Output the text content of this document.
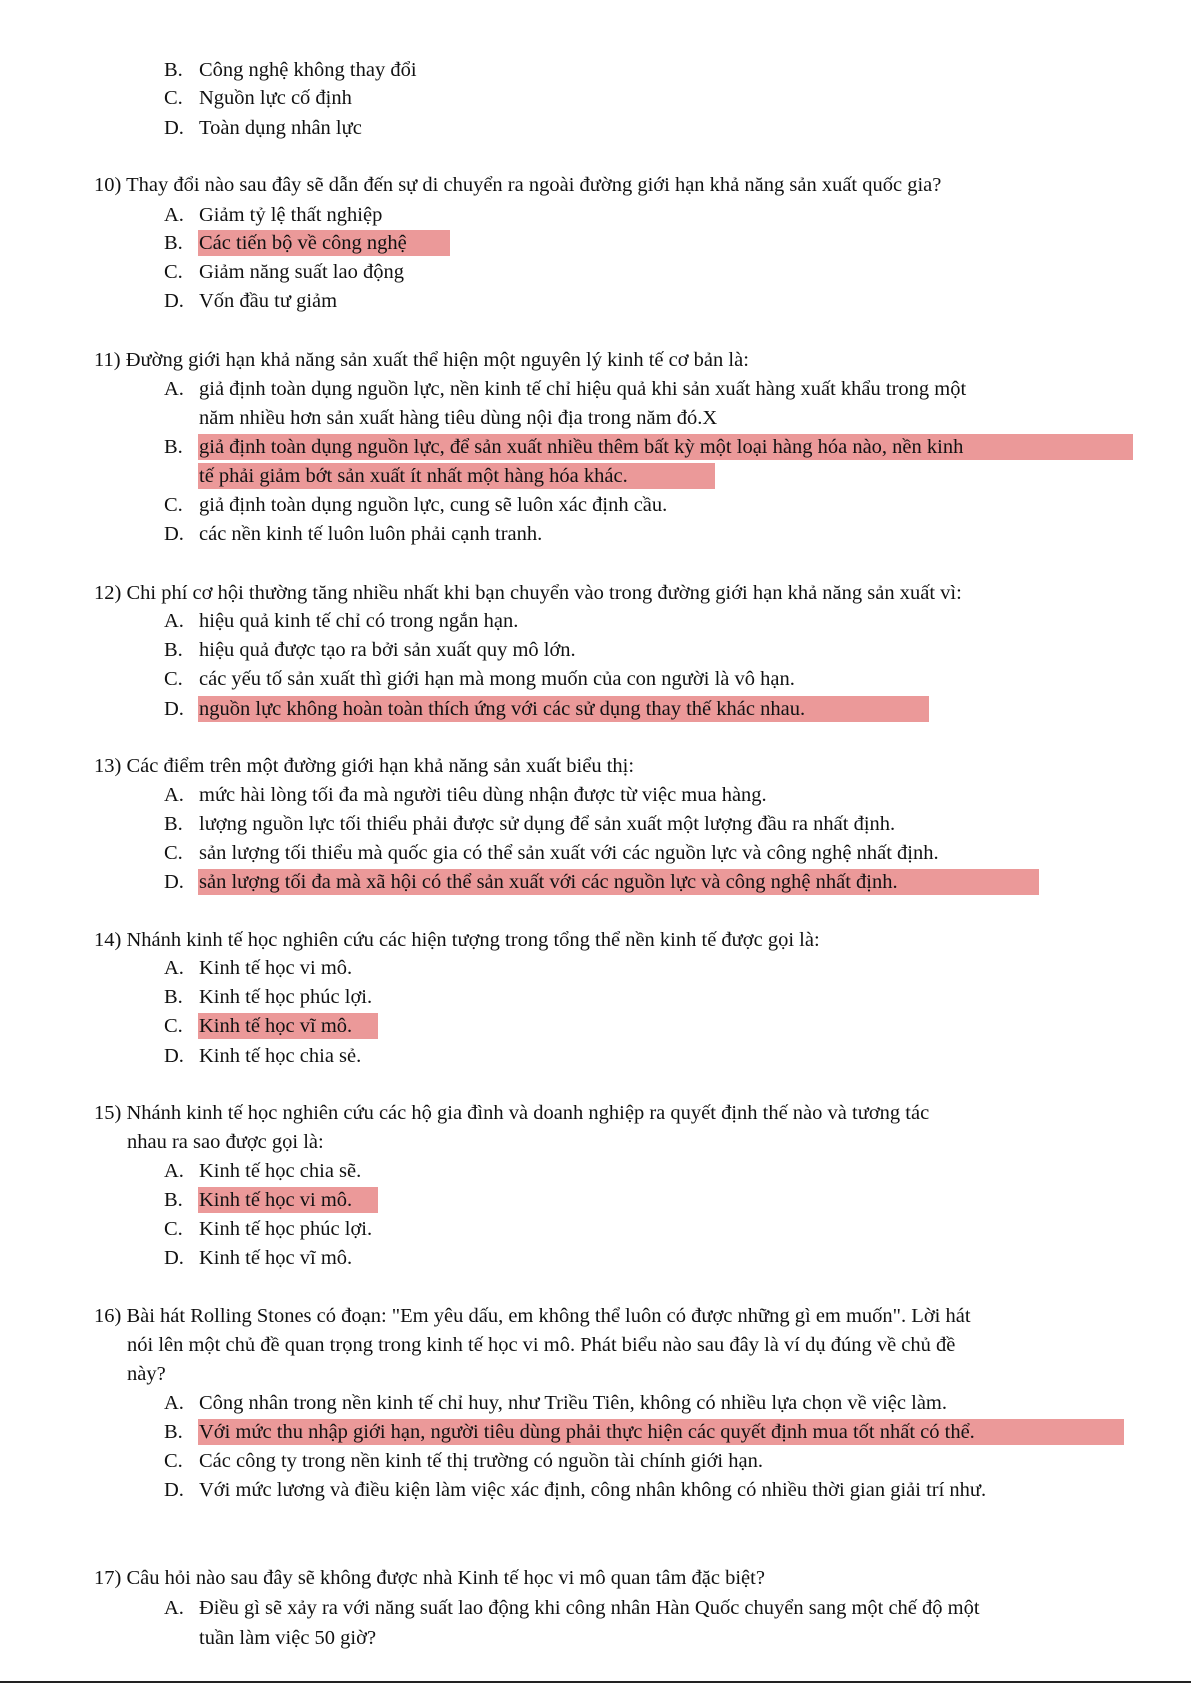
B. Công nghệ không thay đổi
C. Nguồn lực cố định
D. Toàn dụng nhân lực
10) Thay đổi nào sau đây sẽ dẫn đến sự di chuyển ra ngoài đường giới hạn khả năng sản xuất quốc gia?
A. Giảm tỷ lệ thất nghiệp
B. Các tiến bộ về công nghệ
C. Giảm năng suất lao động
D. Vốn đầu tư giảm
11) Đường giới hạn khả năng sản xuất thể hiện một nguyên lý kinh tế cơ bản là:
A. giả định toàn dụng nguồn lực, nền kinh tế chỉ hiệu quả khi sản xuất hàng xuất khẩu trong một
năm nhiều hơn sản xuất hàng tiêu dùng nội địa trong năm đó.X
B. giả định toàn dụng nguồn lực, để sản xuất nhiều thêm bất kỳ một loại hàng hóa nào, nền kinh
tế phải giảm bớt sản xuất ít nhất một hàng hóa khác.
C. giả định toàn dụng nguồn lực, cung sẽ luôn xác định cầu.
D. các nền kinh tế luôn luôn phải cạnh tranh.
12) Chi phí cơ hội thường tăng nhiều nhất khi bạn chuyển vào trong đường giới hạn khả năng sản xuất vì:
A. hiệu quả kinh tế chỉ có trong ngắn hạn.
B. hiệu quả được tạo ra bởi sản xuất quy mô lớn.
C. các yếu tố sản xuất thì giới hạn mà mong muốn của con người là vô hạn.
D. nguồn lực không hoàn toàn thích ứng với các sử dụng thay thế khác nhau.
13) Các điểm trên một đường giới hạn khả năng sản xuất biểu thị:
A. mức hài lòng tối đa mà người tiêu dùng nhận được từ việc mua hàng.
B. lượng nguồn lực tối thiểu phải được sử dụng để sản xuất một lượng đầu ra nhất định.
C. sản lượng tối thiểu mà quốc gia có thể sản xuất với các nguồn lực và công nghệ nhất định.
D. sản lượng tối đa mà xã hội có thể sản xuất với các nguồn lực và công nghệ nhất định.
14) Nhánh kinh tế học nghiên cứu các hiện tượng trong tổng thể nền kinh tế được gọi là:
A. Kinh tế học vi mô.
B. Kinh tế học phúc lợi.
C. Kinh tế học vĩ mô.
D. Kinh tế học chia sẻ.
15) Nhánh kinh tế học nghiên cứu các hộ gia đình và doanh nghiệp ra quyết định thế nào và tương tác
nhau ra sao được gọi là:
A. Kinh tế học chia sẽ.
B. Kinh tế học vi mô.
C. Kinh tế học phúc lợi.
D. Kinh tế học vĩ mô.
16) Bài hát Rolling Stones có đoạn: "Em yêu dấu, em không thể luôn có được những gì em muốn". Lời hát
nói lên một chủ đề quan trọng trong kinh tế học vi mô. Phát biểu nào sau đây là ví dụ đúng về chủ đề
này?
A. Công nhân trong nền kinh tế chỉ huy, như Triều Tiên, không có nhiều lựa chọn về việc làm.
B. Với mức thu nhập giới hạn, người tiêu dùng phải thực hiện các quyết định mua tốt nhất có thể.
C. Các công ty trong nền kinh tế thị trường có nguồn tài chính giới hạn.
D. Với mức lương và điều kiện làm việc xác định, công nhân không có nhiều thời gian giải trí như.
17) Câu hỏi nào sau đây sẽ không được nhà Kinh tế học vi mô quan tâm đặc biệt?
A. Điều gì sẽ xảy ra với năng suất lao động khi công nhân Hàn Quốc chuyển sang một chế độ một
tuần làm việc 50 giờ?
